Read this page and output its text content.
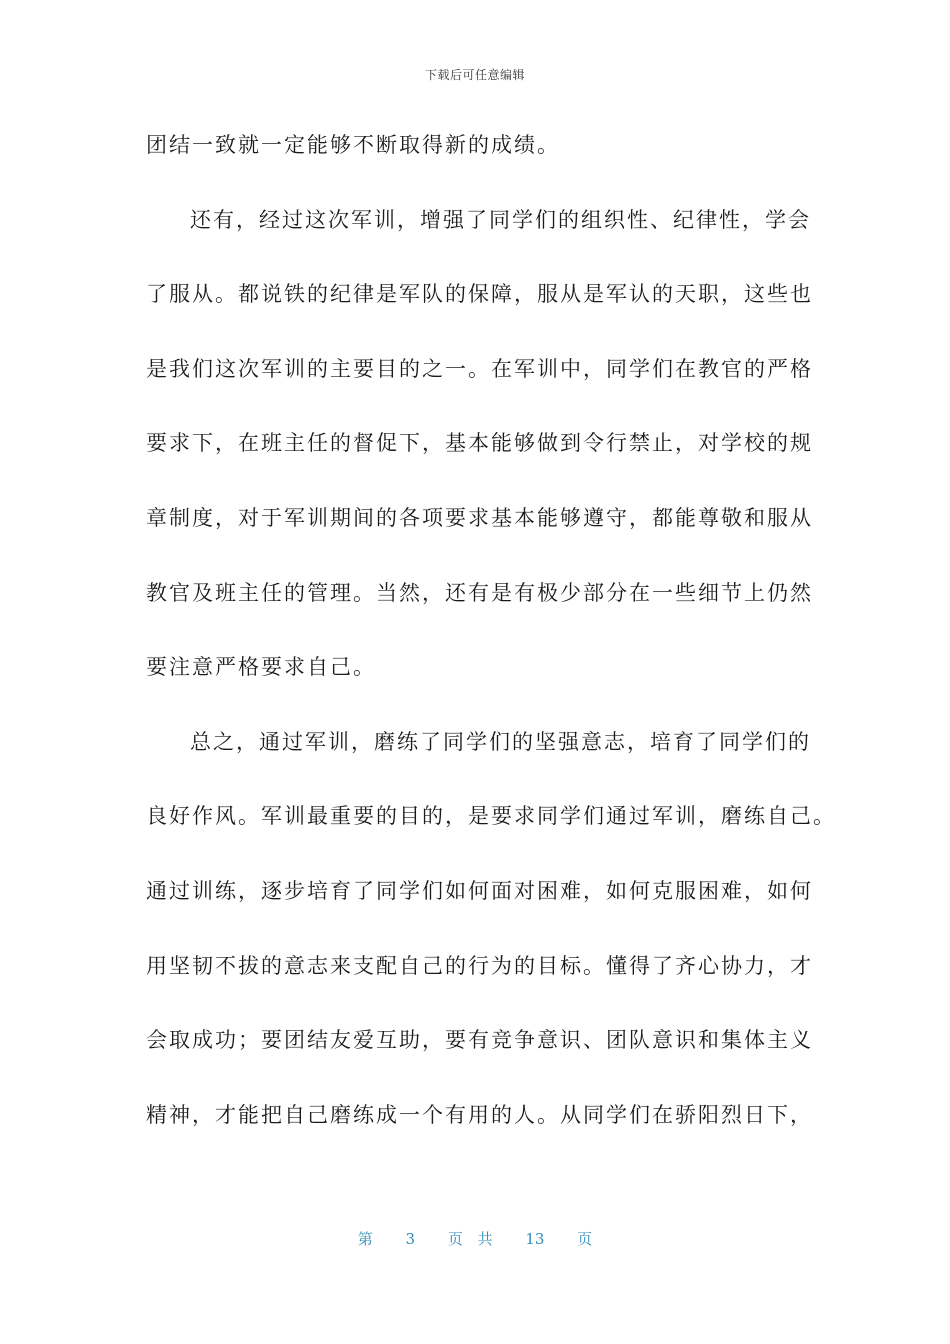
下载后可任意编辑
团结一致就一定能够不断取得新的成绩。
还有，经过这次军训，增强了同学们的组织性、纪律性，学会
了服从。都说铁的纪律是军队的保障，服从是军认的天职，这些也
是我们这次军训的主要目的之一。在军训中，同学们在教官的严格
要求下，在班主任的督促下，基本能够做到令行禁止，对学校的规
章制度，对于军训期间的各项要求基本能够遵守，都能尊敬和服从
教官及班主任的管理。当然，还有是有极少部分在一些细节上仍然
要注意严格要求自己。
总之，通过军训，磨练了同学们的坚强意志，培育了同学们的
良好作风。军训最重要的目的，是要求同学们通过军训，磨练自己。
通过训练，逐步培育了同学们如何面对困难，如何克服困难，如何
用坚韧不拔的意志来支配自己的行为的目标。懂得了齐心协力，才
会取成功；要团结友爱互助，要有竞争意识、团队意识和集体主义
精神，才能把自己磨练成一个有用的人。从同学们在骄阳烈日下，
第 3 页 共 13 页
